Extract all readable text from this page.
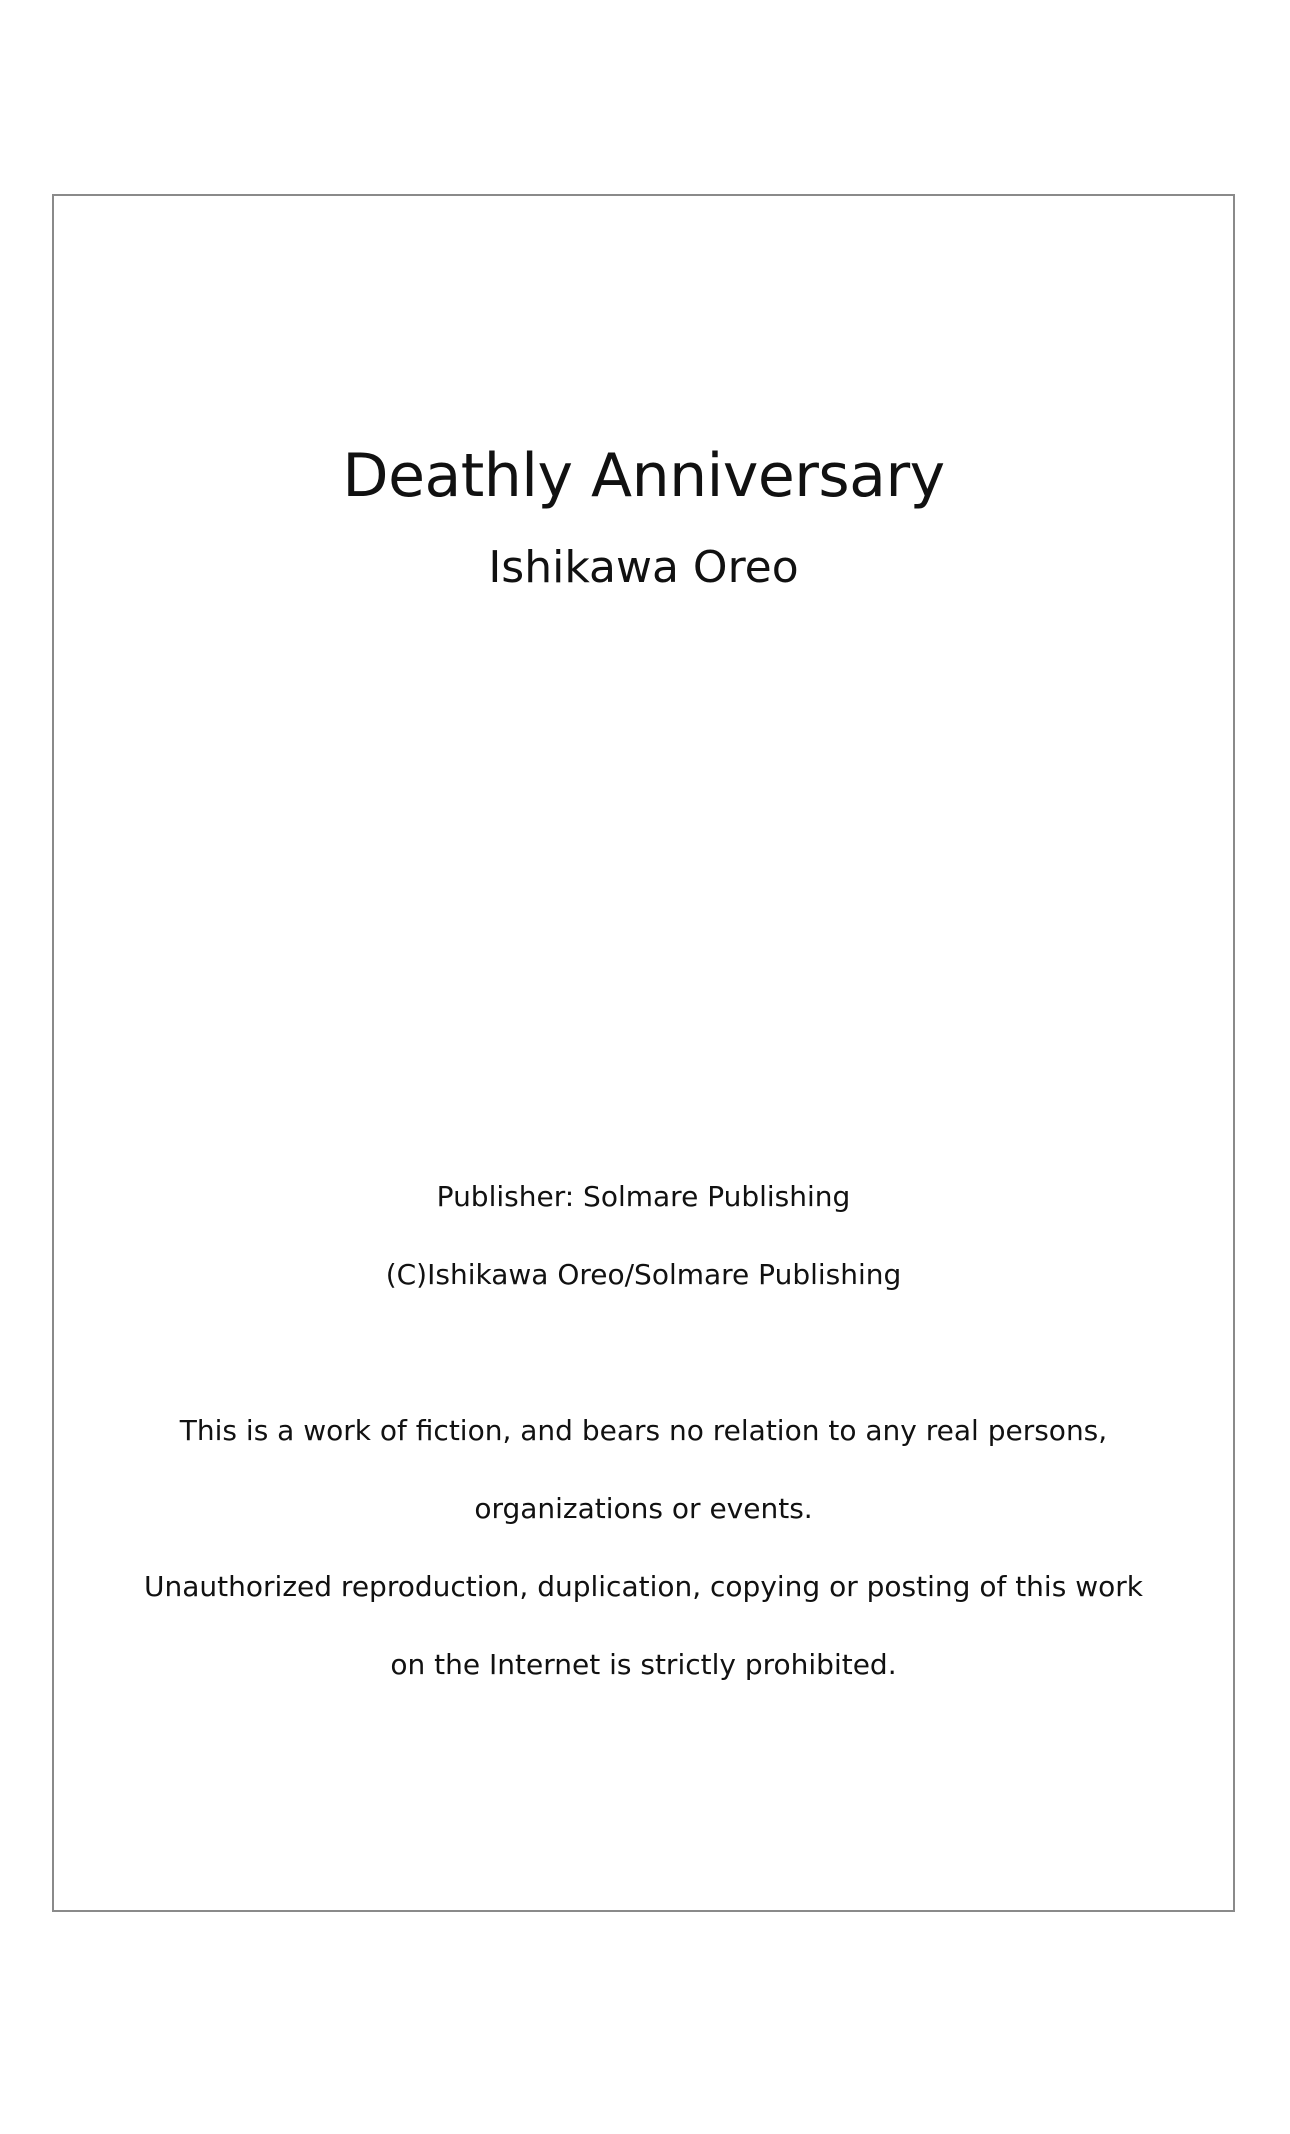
Deathly Anniversary
Ishikawa Oreo
Publisher: Solmare Publishing
(C)Ishikawa Oreo/Solmare Publishing
This is a work of fiction, and bears no relation to any real persons,
organizations or events.
Unauthorized reproduction, duplication, copying or posting of this work
on the Internet is strictly prohibited.
